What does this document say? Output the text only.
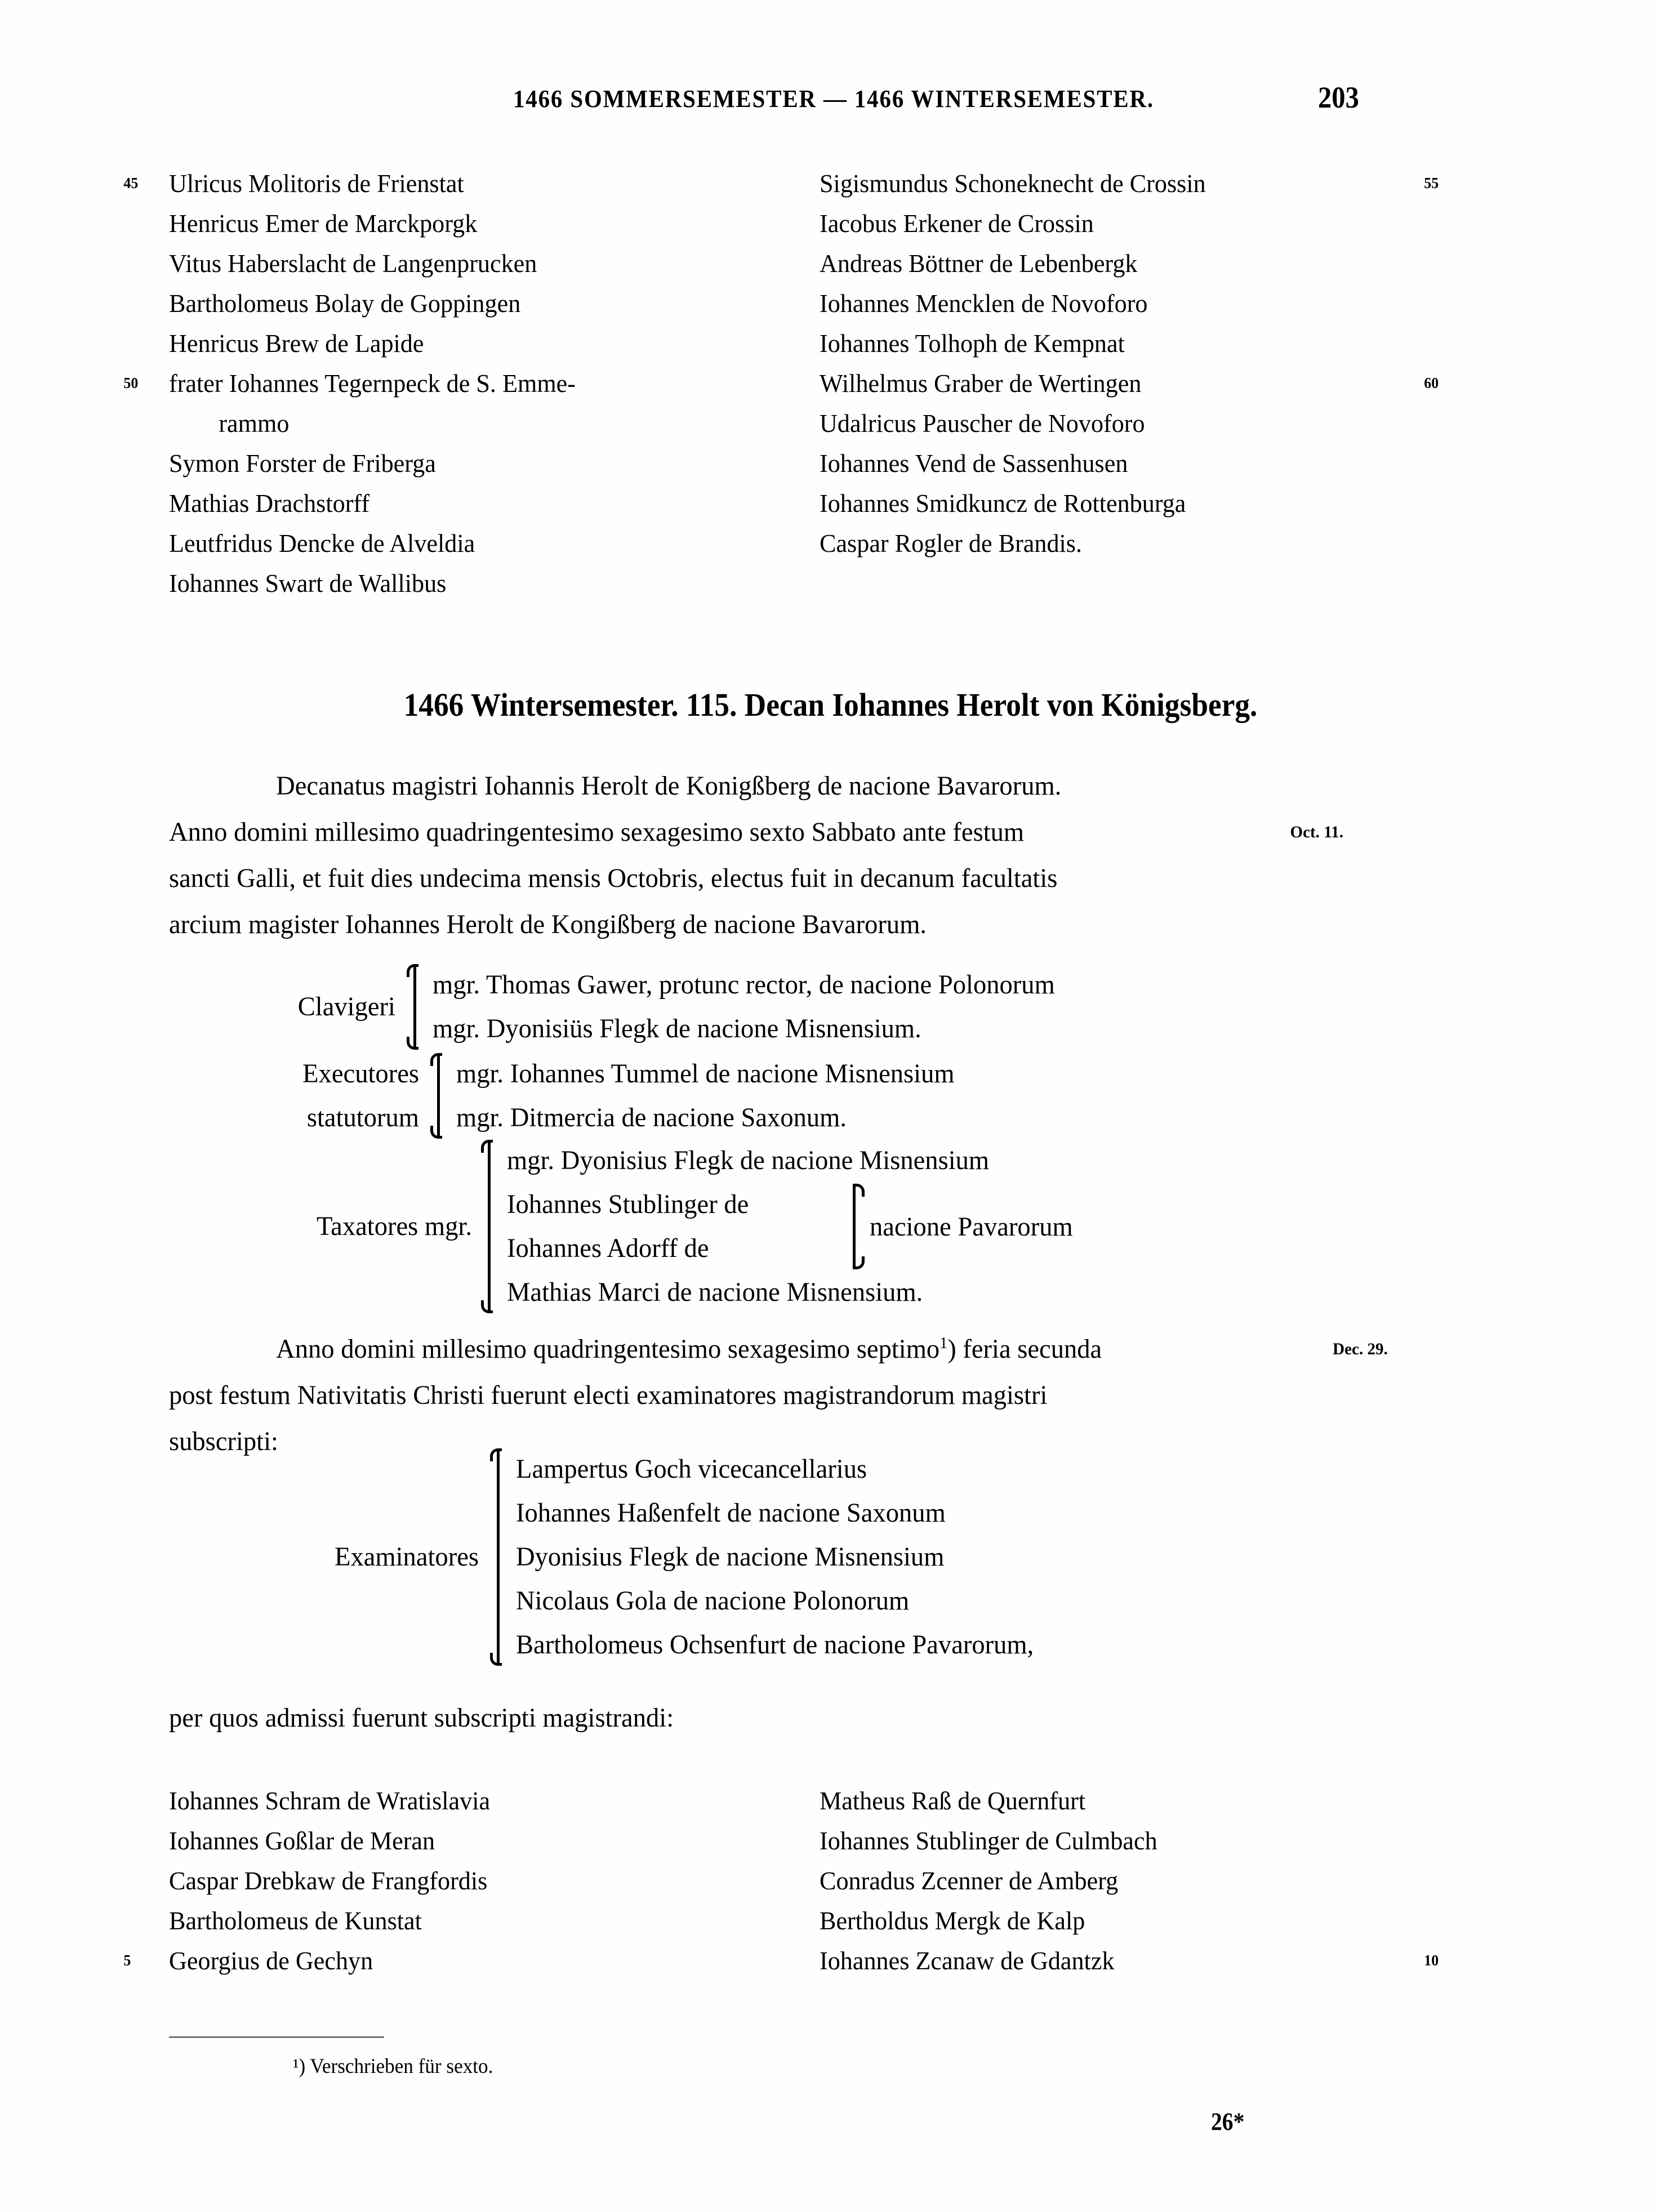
1466 SOMMERSEMESTER — 1466 WINTERSEMESTER.	203
45 Ulricus Molitoris de Frienstat
Henricus Emer de Marckporgk
Vitus Haberslacht de Langenprucken
Bartholomeus Bolay de Goppingen
Henricus Brew de Lapide
50 frater Iohannes Tegernpeck de S. Emme-
rammo
Symon Forster de Friberga
Mathias Drachstorff
Leutfridus Dencke de Alveldia
Iohannes Swart de Wallibus
Sigismundus Schoneknecht de Crossin	55
Iacobus Erkener de Crossin
Andreas Böttner de Lebenbergk
Iohannes Mencklen de Novoforo
Iohannes Tolhoph de Kempnat
Wilhelmus Graber de Wertingen	60
Udalricus Pauscher de Novoforo
Iohannes Vend de Sassenhusen
Iohannes Smidkuncz de Rottenburga
Caspar Rogler de Brandis.
1466 Wintersemester. 115. Decan Iohannes Herolt von Königsberg.
Decanatus magistri Iohannis Herolt de Konigßberg de nacione Bavarorum.
Anno domini millesimo quadringentesimo sexagesimo sexto Sabbato ante festum	Oct. 11.
sancti Galli, et fuit dies undecima mensis Octobris, electus fuit in decanum facultatis
arcium magister Iohannes Herolt de Kongißberg de nacione Bavarorum.
Clavigeri
mgr. Thomas Gawer, protunc rector, de nacione Polonorum
mgr. Dyonisiüs Flegk de nacione Misnensium.
Executores
statutorum
mgr. Iohannes Tummel de nacione Misnensium
mgr. Ditmercia de nacione Saxonum.
Taxatores mgr.
mgr. Dyonisius Flegk de nacione Misnensium
Iohannes Stublinger de
Iohannes Adorff de
nacione Pavarorum
Mathias Marci de nacione Misnensium.
Anno domini millesimo quadringentesimo sexagesimo septimo$^1$) feria secunda	Dec. 29.
post festum Nativitatis Christi fuerunt electi examinatores magistrandorum magistri
subscripti:
Examinatores
Lampertus Goch vicecancellarius
Iohannes Haßenfelt de nacione Saxonum
Dyonisius Flegk de nacione Misnensium
Nicolaus Gola de nacione Polonorum
Bartholomeus Ochsenfurt de nacione Pavarorum,
per quos admissi fuerunt subscripti magistrandi:
Iohannes Schram de Wratislavia
Iohannes Goßlar de Meran
Caspar Drebkaw de Frangfordis
Bartholomeus de Kunstat
5 Georgius de Gechyn
Matheus Raß de Quernfurt
Iohannes Stublinger de Culmbach
Conradus Zcenner de Amberg
Bertholdus Mergk de Kalp
Iohannes Zcanaw de Gdantzk	10
¹) Verschrieben für sexto.
26*
